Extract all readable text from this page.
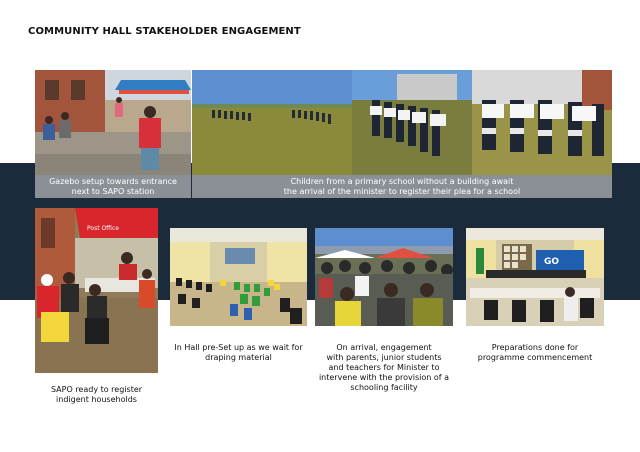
COMMUNITY HALL STAKEHOLDER ENGAGEMENT
Gazebo setup towards entrance
next to SAPO station
Children from a primary school without a building await
the arrival of the minister to register their plea for a school
Post Office
GO
SAPO ready to register
indigent households
In Hall pre-Set up as we wait for
draping material
On arrival, engagement
with parents, junior students
and teachers for Minister to
intervene with the provision of a
schooling facility
Preparations done for
programme commencement
